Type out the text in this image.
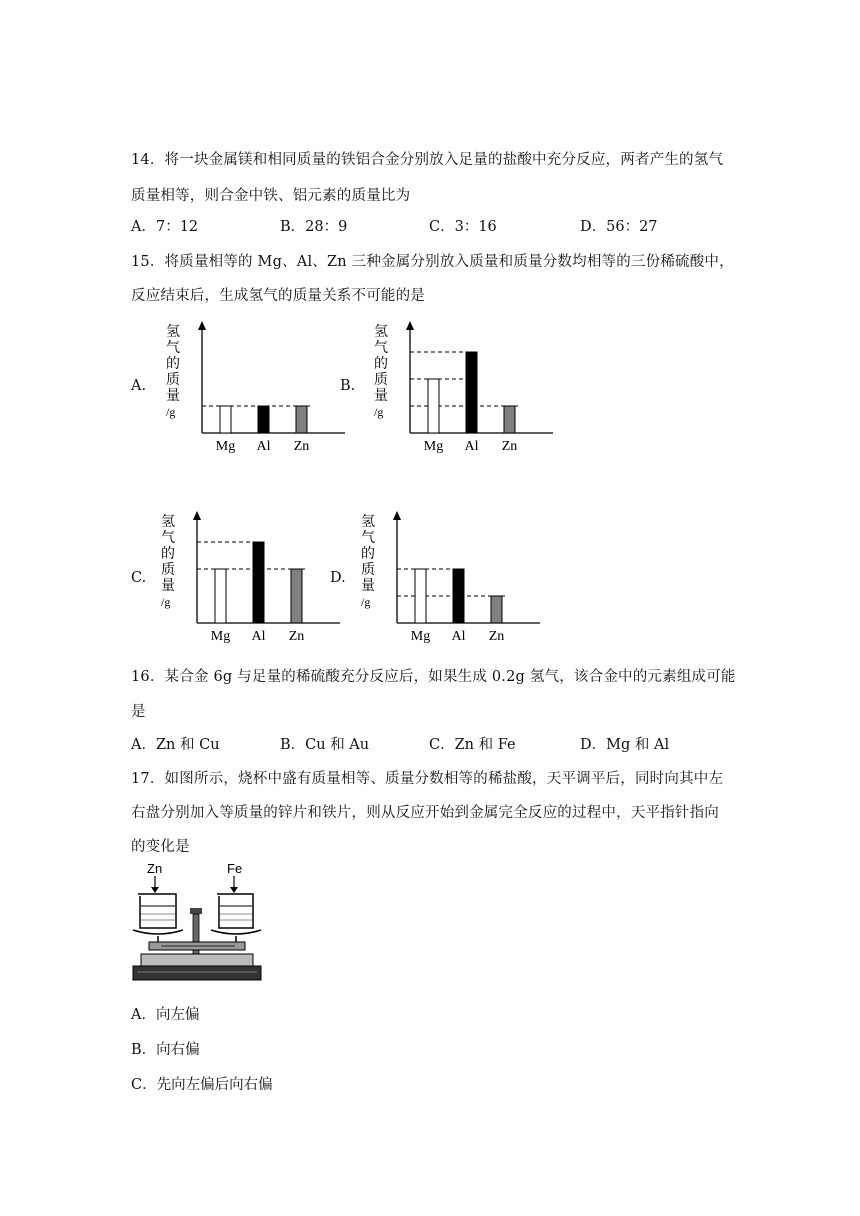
14．将一块金属镁和相同质量的铁铝合金分别放入足量的盐酸中充分反应，两者产生的氢气
质量相等，则合金中铁、铝元素的质量比为
A．7：12	B．28：9	C．3：16	D．56：27
15．将质量相等的 Mg、Al、Zn 三种金属分别放入质量和质量分数均相等的三份稀硫酸中，
反应结束后，生成氢气的质量关系不可能的是
A.	B.
C.	D.
氢
气
的
质
量
/g
Mg Al Zn
氢
气
的
质
量
/g
Mg Al Zn
氢
气
的
质
量
/g
Mg Al Zn
氢
气
的
质
量
/g
Mg Al Zn
16．某合金 6g 与足量的稀硫酸充分反应后，如果生成 0.2g 氢气，该合金中的元素组成可能
是
A．Zn 和 Cu	B．Cu 和 Au	C．Zn 和 Fe	D．Mg 和 Al
17．如图所示，烧杯中盛有质量相等、质量分数相等的稀盐酸，天平调平后，同时向其中左
右盘分别加入等质量的锌片和铁片，则从反应开始到金属完全反应的过程中，天平指针指向
的变化是
Zn	Fe
A．向左偏
B．向右偏
C．先向左偏后向右偏
